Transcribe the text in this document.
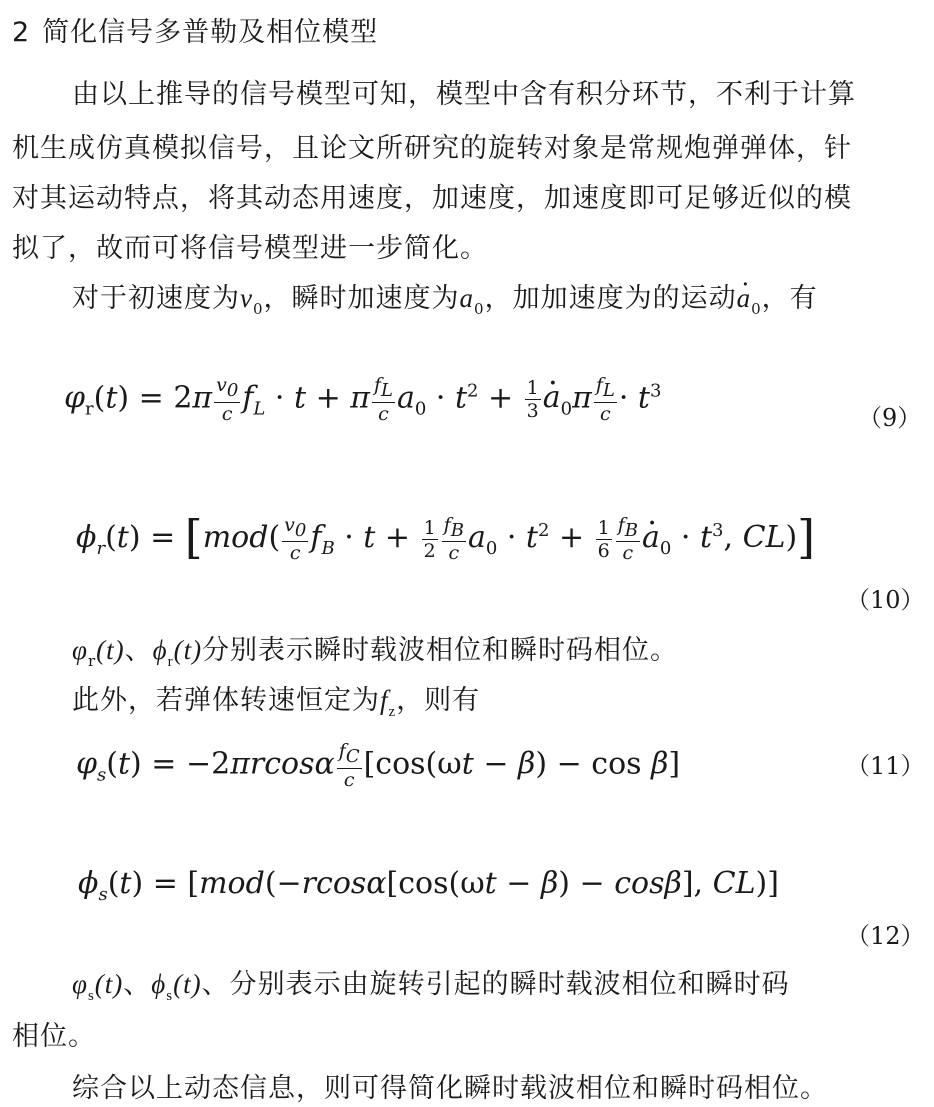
2 简化信号多普勒及相位模型
由以上推导的信号模型可知，模型中含有积分环节，不利于计算
机生成仿真模拟信号，且论文所研究的旋转对象是常规炮弹弹体，针
对其运动特点，将其动态用速度，加速度，加速度即可足够近似的模
拟了，故而可将信号模型进一步简化。
对于初速度为$v_0$，瞬时加速度为$a_0$，加加速度为的运动· $a_0$，有
$\varphi_r(t) = 2\pi \frac{v_0}{c} f_L \cdot t + \pi \frac{f_L}{c} a_0 \cdot t^2 + \frac{1}{3}$
· $a_0\pi \frac{f_L}{c} \cdot t^3$
（9）
$\phi_r(t) = [mod( \frac{v_0}{c} f_B \cdot t + \frac{1}{2} \frac{f_B}{c} a_0 \cdot t^2 + \frac{1}{6} \frac{f_B}{c}$
· $a_0 \cdot t^3$, CL)]
（10）
$\varphi_r(t)$、$\phi_r(t)$分别表示瞬时载波相位和瞬时码相位。
此外，若弹体转速恒定为$f_z$，则有
$\varphi_s(t) = -2\pi rcos\alpha \frac{f_C}{c} [\cos(\omega t - \beta) - \cos \beta]$	（11）
$\phi_s(t) = [mod(-rcos\alpha[\cos(\omega t - \beta) - \cos\beta]$, CL)]
（12）
$\varphi_s(t)$、$\phi_s(t)$、分别表示由旋转引起的瞬时载波相位和瞬时码
相位。
综合以上动态信息，则可得简化瞬时载波相位和瞬时码相位。
